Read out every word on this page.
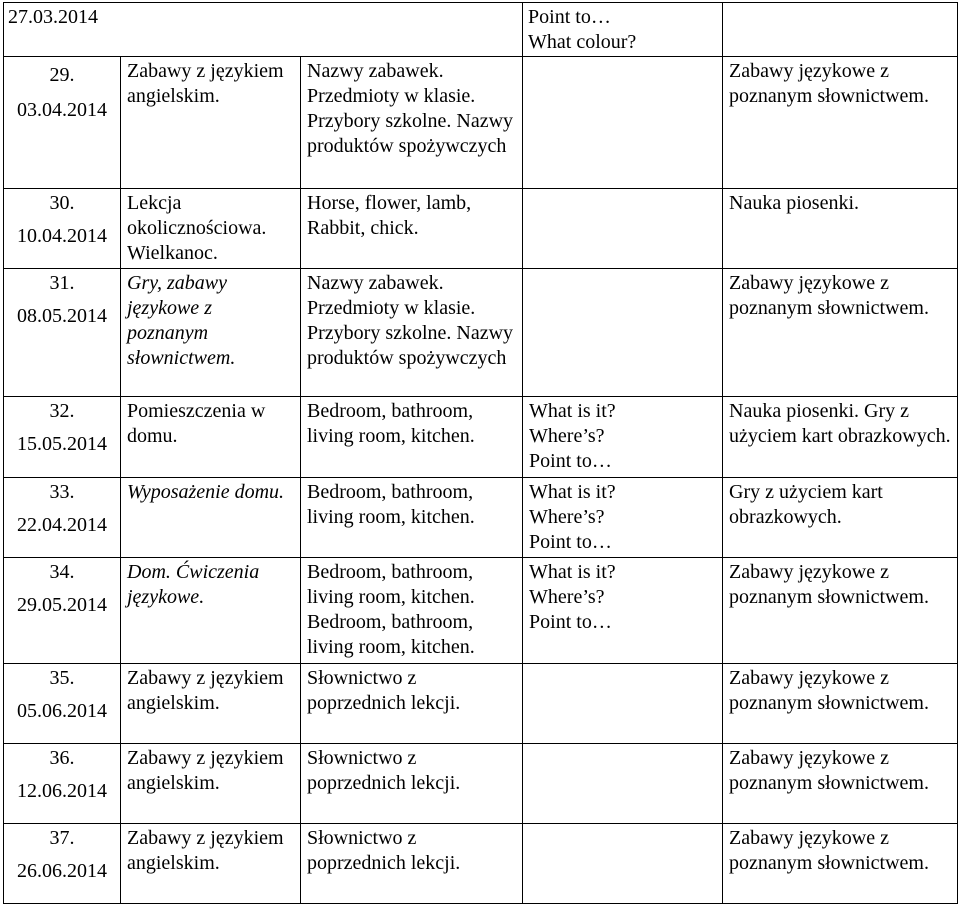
27.03.2014			Point to… What colour?	

29.
03.04.2014	Zabawy z językiem angielskim.	Nazwy zabawek. Przedmioty w klasie. Przybory szkolne. Nazwy produktów spożywczych		Zabawy językowe z poznanym słownictwem.

30.
10.04.2014	Lekcja okolicznościowa. Wielkanoc.	Horse, flower, lamb, Rabbit, chick.		Nauka piosenki.

31.
08.05.2014	Gry, zabawy językowe z poznanym słownictwem.	Nazwy zabawek. Przedmioty w klasie. Przybory szkolne. Nazwy produktów spożywczych		Zabawy językowe z poznanym słownictwem.

32.
15.05.2014	Pomieszczenia w domu.	Bedroom, bathroom, living room, kitchen.	What is it? Where’s? Point to…	Nauka piosenki. Gry z użyciem kart obrazkowych.

33.
22.04.2014	Wyposażenie domu.	Bedroom, bathroom, living room, kitchen.	What is it? Where’s? Point to…	Gry z użyciem kart obrazkowych.

34.
29.05.2014	Dom. Ćwiczenia językowe.	Bedroom, bathroom, living room, kitchen. Bedroom, bathroom, living room, kitchen.	What is it? Where’s? Point to…	Zabawy językowe z poznanym słownictwem.

35.
05.06.2014	Zabawy z językiem angielskim.	Słownictwo z poprzednich lekcji.		Zabawy językowe z poznanym słownictwem.

36.
12.06.2014	Zabawy z językiem angielskim.	Słownictwo z poprzednich lekcji.		Zabawy językowe z poznanym słownictwem.

37.
26.06.2014	Zabawy z językiem angielskim.	Słownictwo z poprzednich lekcji.		Zabawy językowe z poznanym słownictwem.
